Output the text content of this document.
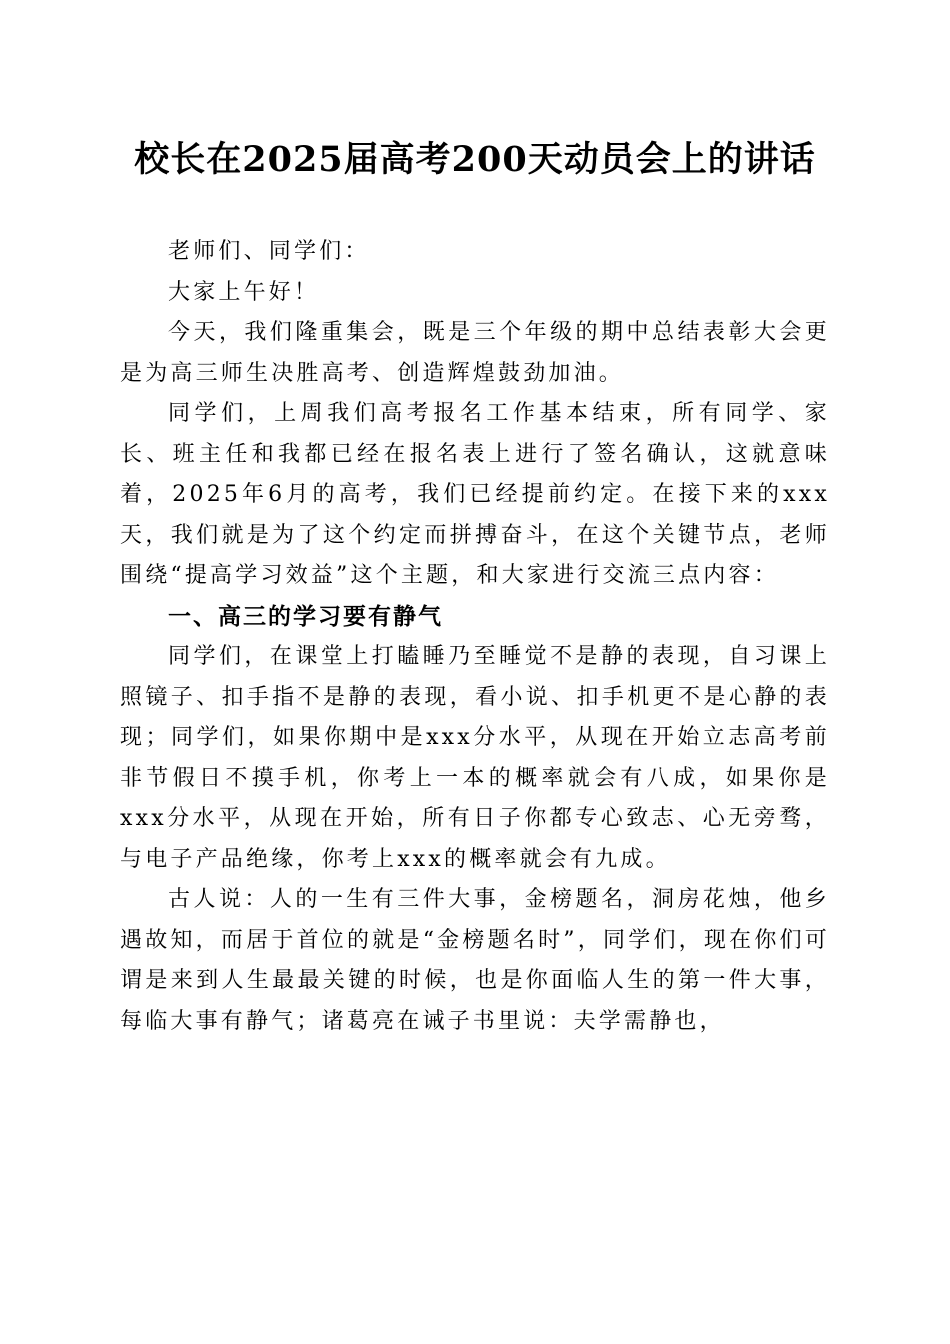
校长在2025届高考200天动员会上的讲话

老师们、同学们：

大家上午好！

今天，我们隆重集会，既是三个年级的期中总结表彰大会更是为高三师生决胜高考、创造辉煌鼓劲加油。

同学们，上周我们高考报名工作基本结束，所有同学、家长、班主任和我都已经在报名表上进行了签名确认，这就意味着，2025年6月的高考，我们已经提前约定。在接下来的xxx天，我们就是为了这个约定而拼搏奋斗，在这个关键节点，老师围绕“提高学习效益”这个主题，和大家进行交流三点内容：

一、高三的学习要有静气

同学们，在课堂上打瞌睡乃至睡觉不是静的表现，自习课上照镜子、扣手指不是静的表现，看小说、扣手机更不是心静的表现；同学们，如果你期中是xxx分水平，从现在开始立志高考前非节假日不摸手机，你考上一本的概率就会有八成，如果你是xxx分水平，从现在开始，所有日子你都专心致志、心无旁骛，与电子产品绝缘，你考上xxx的概率就会有九成。

古人说：人的一生有三件大事，金榜题名，洞房花烛，他乡遇故知，而居于首位的就是“金榜题名时”，同学们，现在你们可谓是来到人生最最关键的时候，也是你面临人生的第一件大事，每临大事有静气；诸葛亮在诫子书里说：夫学需静也，
